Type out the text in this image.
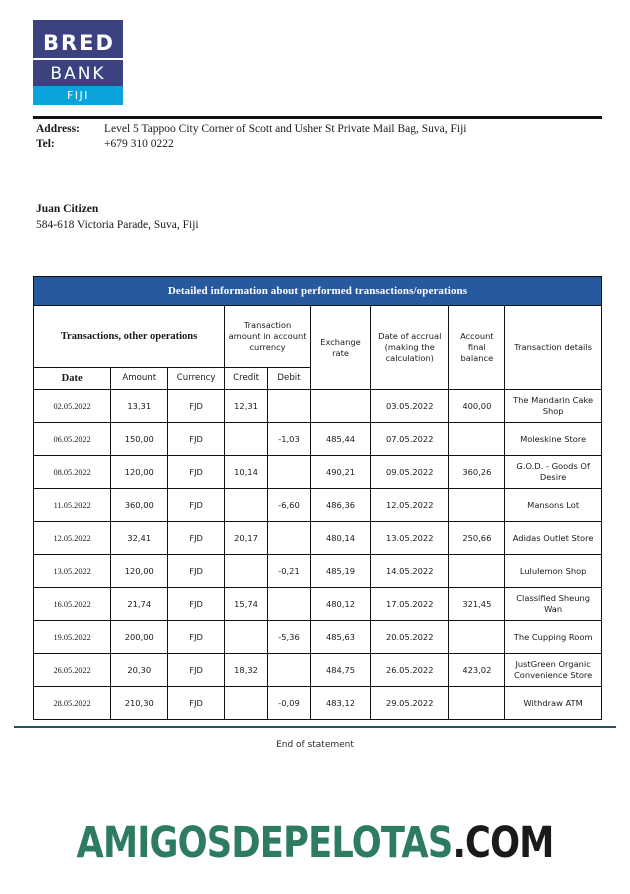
BRED
BANK
FIJI
Address:	Level 5 Tappoo City Corner of Scott and Usher St Private Mail Bag, Suva, Fiji
Tel:	+679 310 0222
Juan Citizen
584-618 Victoria Parade, Suva, Fiji
Detailed information about performed transactions/operations								
Transactions, other operations			Transaction amount in account currency		Exchange rate	Date of accrual (making the calculation)	Account final balance	Transaction details
Date	Amount	Currency	Credit	Debit				
02.05.2022	13,31	FJD	12,31			03.05.2022	400,00	The Mandarin Cake Shop
06.05.2022	150,00	FJD		-1,03	485,44	07.05.2022		Moleskine Store
08.05.2022	120,00	FJD	10,14		490,21	09.05.2022	360,26	G.O.D. - Goods Of Desire
11.05.2022	360,00	FJD		-6,60	486,36	12.05.2022		Mansons Lot
12.05.2022	32,41	FJD	20,17		480,14	13.05.2022	250,66	Adidas Outlet Store
13.05.2022	120,00	FJD		-0,21	485,19	14.05.2022		Lululemon Shop
16.05.2022	21,74	FJD	15,74		480,12	17.05.2022	321,45	Classified Sheung Wan
19.05.2022	200,00	FJD		-5,36	485,63	20.05.2022		The Cupping Room
26.05.2022	20,30	FJD	18,32		484,75	26.05.2022	423,02	JustGreen Organic Convenience Store
28.05.2022	210,30	FJD		-0,09	483,12	29.05.2022		Withdraw ATM
End of statement
AMIGOSDEPELOTAS.COM
